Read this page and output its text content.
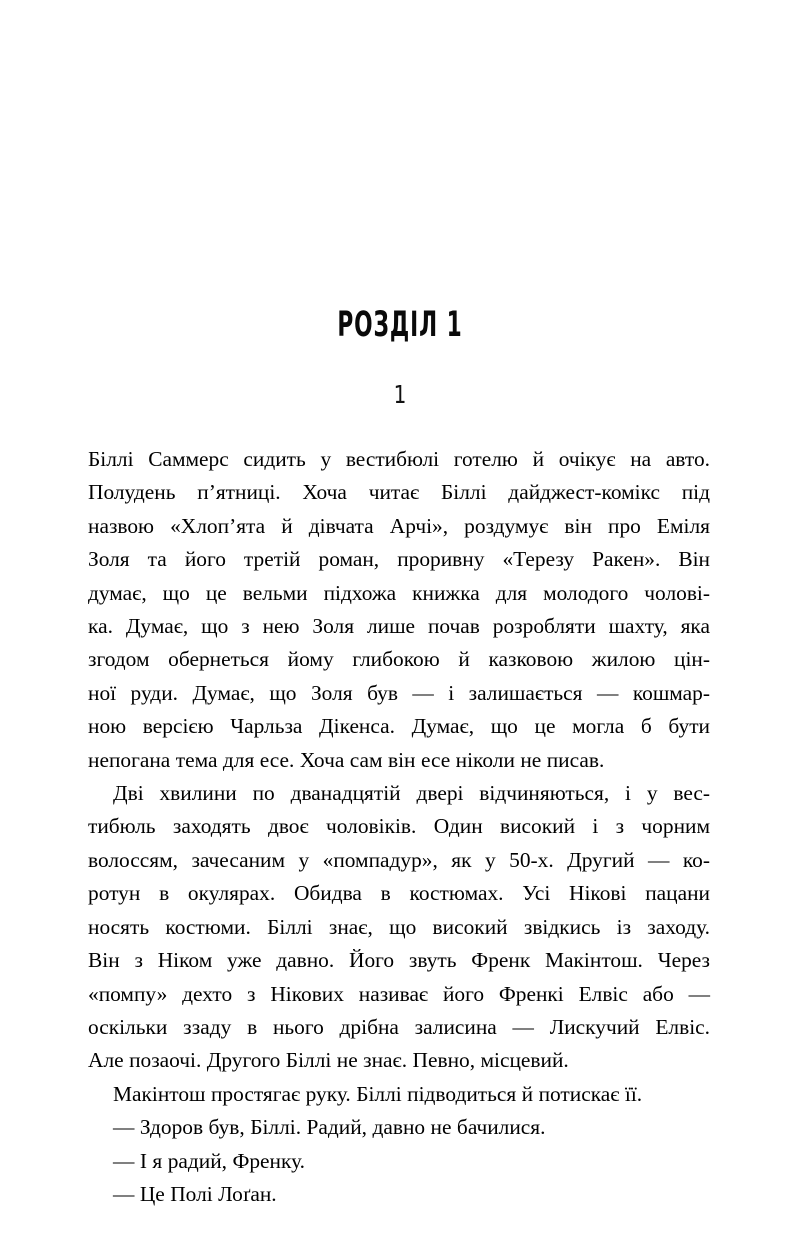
РОЗДІЛ 1
1

Біллі Саммерс сидить у вестибюлі готелю й очікує на авто.
Полудень п’ятниці. Хоча читає Біллі дайджест-комікс під
назвою «Хлоп’ята й дівчата Арчі», роздумує він про Еміля
Золя та його третій роман, проривну «Терезу Ракен». Він
думає, що це вельми підхожа книжка для молодого чолові-
ка. Думає, що з нею Золя лише почав розробляти шахту, яка
згодом обернеться йому глибокою й казковою жилою цін-
ної руди. Думає, що Золя був — і залишається — кошмар-
ною версією Чарльза Дікенса. Думає, що це могла б бути
непогана тема для есе. Хоча сам він есе ніколи не писав.

Дві хвилини по дванадцятій двері відчиняються, і у вес-
тибюль заходять двоє чоловіків. Один високий і з чорним
волоссям, зачесаним у «помпадур», як у 50-х. Другий — ко-
ротун в окулярах. Обидва в костюмах. Усі Нікові пацани
носять костюми. Біллі знає, що високий звідкись із заходу.
Він з Ніком уже давно. Його звуть Френк Макінтош. Через
«помпу» дехто з Нікових називає його Френкі Елвіс або —
оскільки ззаду в нього дрібна залисина — Лискучий Елвіс.
Але позаочі. Другого Біллі не знає. Певно, місцевий.

Макінтош простягає руку. Біллі підводиться й потискає її.

— Здоров був, Біллі. Радий, давно не бачилися.

— І я радий, Френку.

— Це Полі Лоґан.
